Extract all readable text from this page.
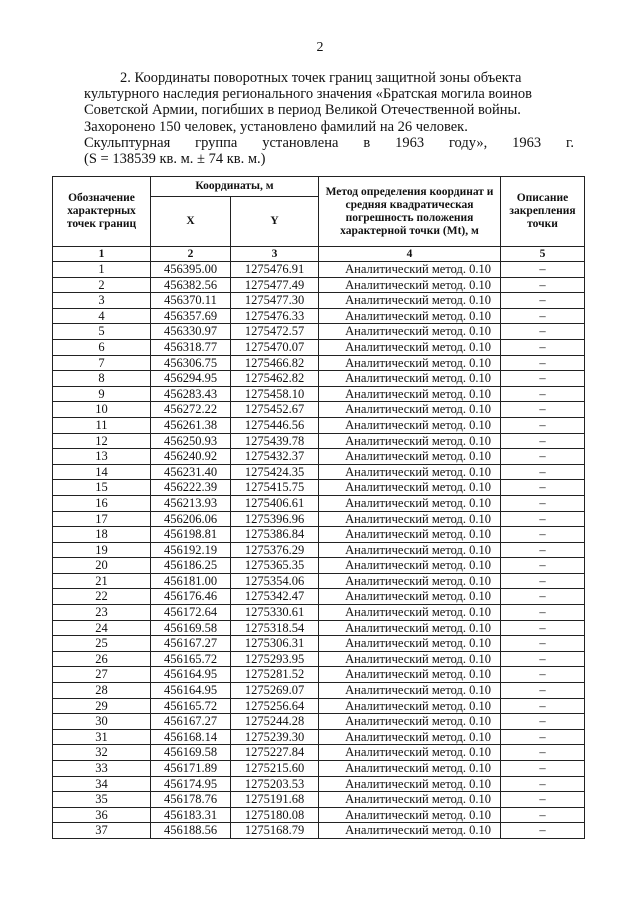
2
2. Координаты поворотных точек границ защитной зоны объекта
культурного наследия регионального значения «Братская могила воинов
Советской Армии, погибших в период Великой Отечественной войны.
Захоронено 150 человек, установлено фамилий на 26 человек.
Скульптурная группа установлена в 1963 году», 1963 г.
(S = 138539 кв. м. ± 74 кв. м.)
Обозначение характерных точек границ	Координаты, м		Метод определения координат и средняя квадратическая погрешность положения характерной точки (Mt), м	Описание закрепления точки
	X	Y		
1	2	3	4	5
1	456395.00	1275476.91	Аналитический метод. 0.10	–
2	456382.56	1275477.49	Аналитический метод. 0.10	–
3	456370.11	1275477.30	Аналитический метод. 0.10	–
4	456357.69	1275476.33	Аналитический метод. 0.10	–
5	456330.97	1275472.57	Аналитический метод. 0.10	–
6	456318.77	1275470.07	Аналитический метод. 0.10	–
7	456306.75	1275466.82	Аналитический метод. 0.10	–
8	456294.95	1275462.82	Аналитический метод. 0.10	–
9	456283.43	1275458.10	Аналитический метод. 0.10	–
10	456272.22	1275452.67	Аналитический метод. 0.10	–
11	456261.38	1275446.56	Аналитический метод. 0.10	–
12	456250.93	1275439.78	Аналитический метод. 0.10	–
13	456240.92	1275432.37	Аналитический метод. 0.10	–
14	456231.40	1275424.35	Аналитический метод. 0.10	–
15	456222.39	1275415.75	Аналитический метод. 0.10	–
16	456213.93	1275406.61	Аналитический метод. 0.10	–
17	456206.06	1275396.96	Аналитический метод. 0.10	–
18	456198.81	1275386.84	Аналитический метод. 0.10	–
19	456192.19	1275376.29	Аналитический метод. 0.10	–
20	456186.25	1275365.35	Аналитический метод. 0.10	–
21	456181.00	1275354.06	Аналитический метод. 0.10	–
22	456176.46	1275342.47	Аналитический метод. 0.10	–
23	456172.64	1275330.61	Аналитический метод. 0.10	–
24	456169.58	1275318.54	Аналитический метод. 0.10	–
25	456167.27	1275306.31	Аналитический метод. 0.10	–
26	456165.72	1275293.95	Аналитический метод. 0.10	–
27	456164.95	1275281.52	Аналитический метод. 0.10	–
28	456164.95	1275269.07	Аналитический метод. 0.10	–
29	456165.72	1275256.64	Аналитический метод. 0.10	–
30	456167.27	1275244.28	Аналитический метод. 0.10	–
31	456168.14	1275239.30	Аналитический метод. 0.10	–
32	456169.58	1275227.84	Аналитический метод. 0.10	–
33	456171.89	1275215.60	Аналитический метод. 0.10	–
34	456174.95	1275203.53	Аналитический метод. 0.10	–
35	456178.76	1275191.68	Аналитический метод. 0.10	–
36	456183.31	1275180.08	Аналитический метод. 0.10	–
37	456188.56	1275168.79	Аналитический метод. 0.10	–
